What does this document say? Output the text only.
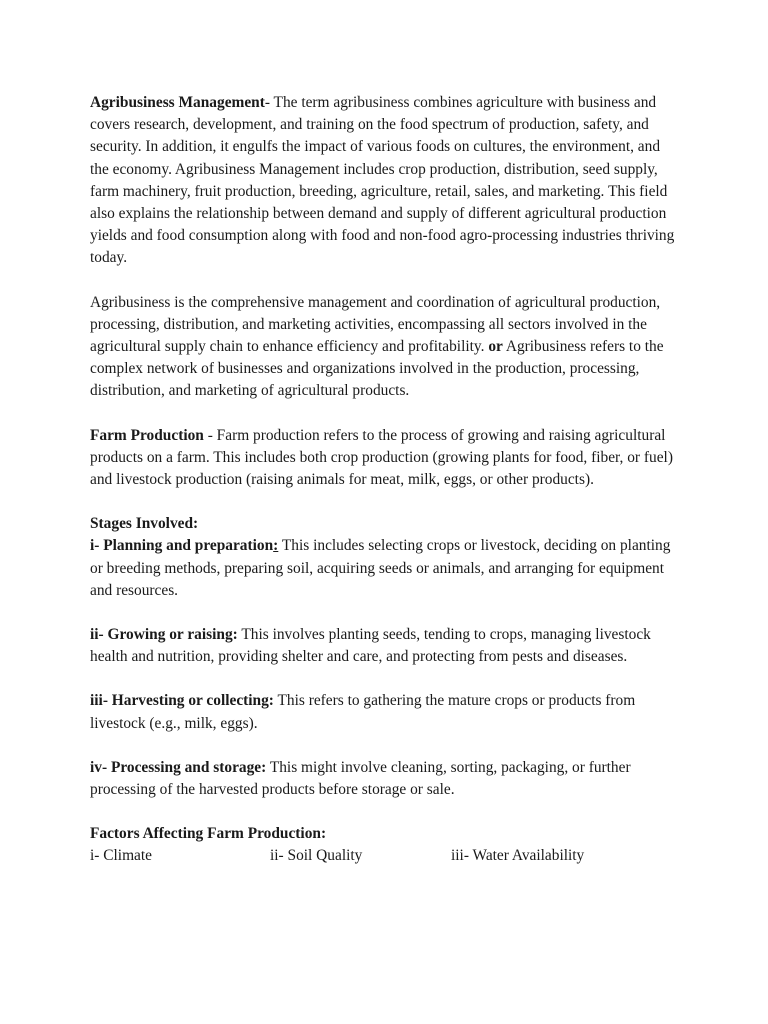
Agribusiness Management- The term agribusiness combines agriculture with business and covers research, development, and training on the food spectrum of production, safety, and security. In addition, it engulfs the impact of various foods on cultures, the environment, and the economy. Agribusiness Management includes crop production, distribution, seed supply, farm machinery, fruit production, breeding, agriculture, retail, sales, and marketing. This field also explains the relationship between demand and supply of different agricultural production yields and food consumption along with food and non-food agro-processing industries thriving today.

Agribusiness is the comprehensive management and coordination of agricultural production, processing, distribution, and marketing activities, encompassing all sectors involved in the agricultural supply chain to enhance efficiency and profitability. or Agribusiness refers to the complex network of businesses and organizations involved in the production, processing, distribution, and marketing of agricultural products.

Farm Production - Farm production refers to the process of growing and raising agricultural products on a farm. This includes both crop production (growing plants for food, fiber, or fuel) and livestock production (raising animals for meat, milk, eggs, or other products).

Stages Involved:

i- Planning and preparation: This includes selecting crops or livestock, deciding on planting or breeding methods, preparing soil, acquiring seeds or animals, and arranging for equipment and resources.

ii- Growing or raising: This involves planting seeds, tending to crops, managing livestock health and nutrition, providing shelter and care, and protecting from pests and diseases.

iii- Harvesting or collecting: This refers to gathering the mature crops or products from livestock (e.g., milk, eggs).

iv- Processing and storage: This might involve cleaning, sorting, packaging, or further processing of the harvested products before storage or sale.

Factors Affecting Farm Production:

i- Climate	ii- Soil Quality	iii- Water Availability
